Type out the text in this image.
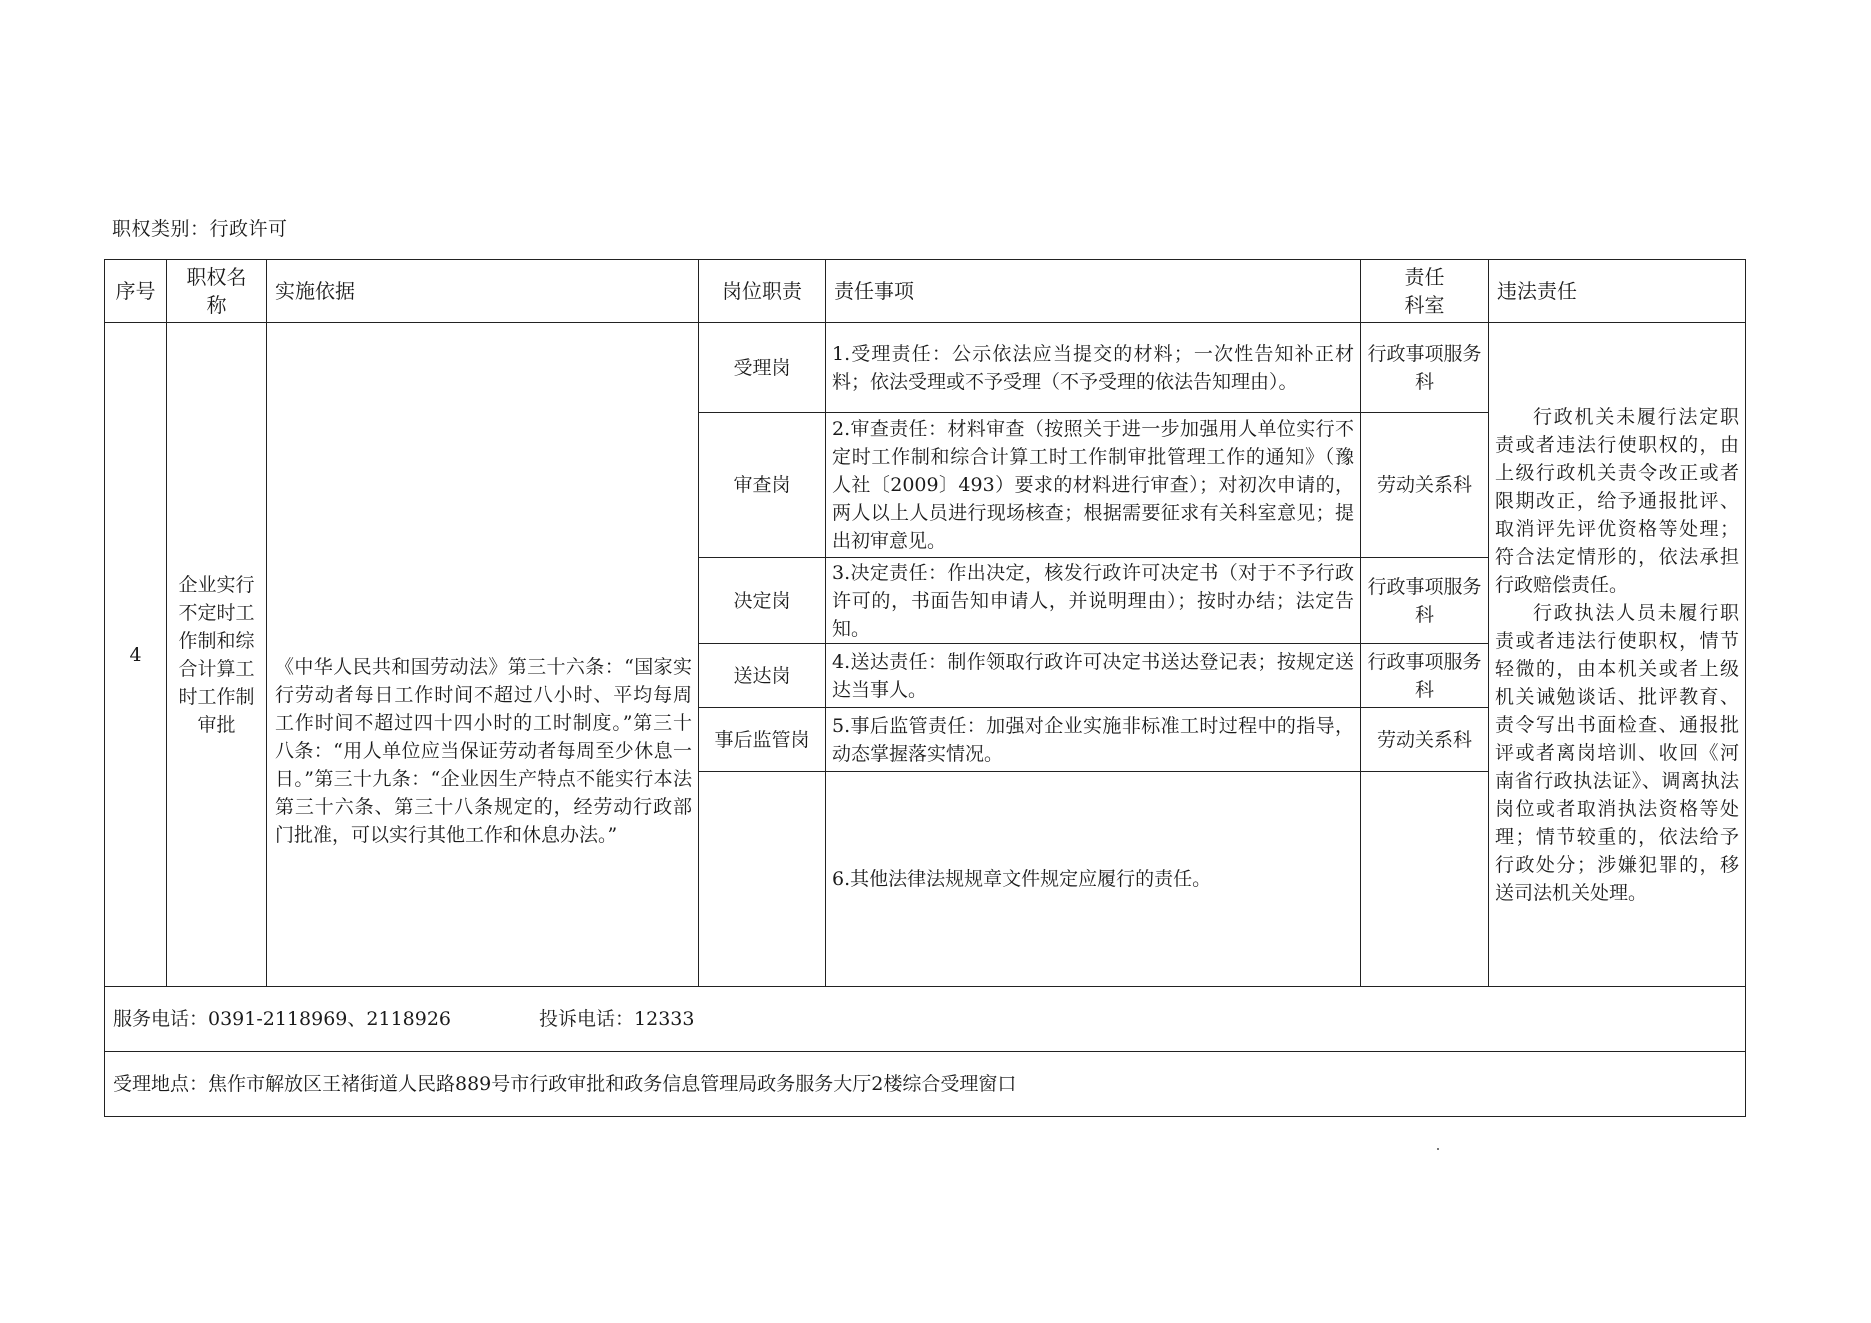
职权类别：行政许可
序号	职权名称	实施依据	岗位职责	责任事项	责任科室	违法责任
4	企业实行不定时工作制和综合计算工时工作制审批	《中华人民共和国劳动法》第三十六条：“国家实行劳动者每日工作时间不超过八小时、平均每周工作时间不超过四十四小时的工时制度。”第三十八条：“用人单位应当保证劳动者每周至少休息一日。”第三十九条：“企业因生产特点不能实行本法第三十六条、第三十八条规定的，经劳动行政部门批准，可以实行其他工作和休息办法。”	受理岗	1.受理责任：公示依法应当提交的材料；一次性告知补正材料；依法受理或不予受理（不予受理的依法告知理由）。	行政事项服务科	行政机关未履行法定职责或者违法行使职权的，由上级行政机关责令改正或者限期改正，给予通报批评、取消评先评优资格等处理；符合法定情形的，依法承担行政赔偿责任。

行政执法人员未履行职责或者违法行使职权，情节轻微的，由本机关或者上级机关诫勉谈话、批评教育、责令写出书面检查、通报批评或者离岗培训、收回《河南省行政执法证》、调离执法岗位或者取消执法资格等处理；情节较重的，依法给予行政处分；涉嫌犯罪的，移送司法机关处理。

			审查岗	2.审查责任：材料审查（按照关于进一步加强用人单位实行不定时工作制和综合计算工时工作制审批管理工作的通知》（豫人社〔2009〕493）要求的材料进行审查）；对初次申请的，两人以上人员进行现场核查；根据需要征求有关科室意见；提出初审意见。	劳动关系科	
			决定岗	3.决定责任：作出决定，核发行政许可决定书（对于不予行政许可的，书面告知申请人，并说明理由）；按时办结；法定告知。	行政事项服务科	
			送达岗	4.送达责任：制作领取行政许可决定书送达登记表；按规定送达当事人。	行政事项服务科	
			事后监管岗	5.事后监管责任：加强对企业实施非标准工时过程中的指导，动态掌握落实情况。	劳动关系科	
				6.其他法律法规规章文件规定应履行的责任。		
服务电话：0391-2118969、2118926 投诉电话：12333						
受理地点：焦作市解放区王褚街道人民路889号市行政审批和政务信息管理局政务服务大厅2楼综合受理窗口						
